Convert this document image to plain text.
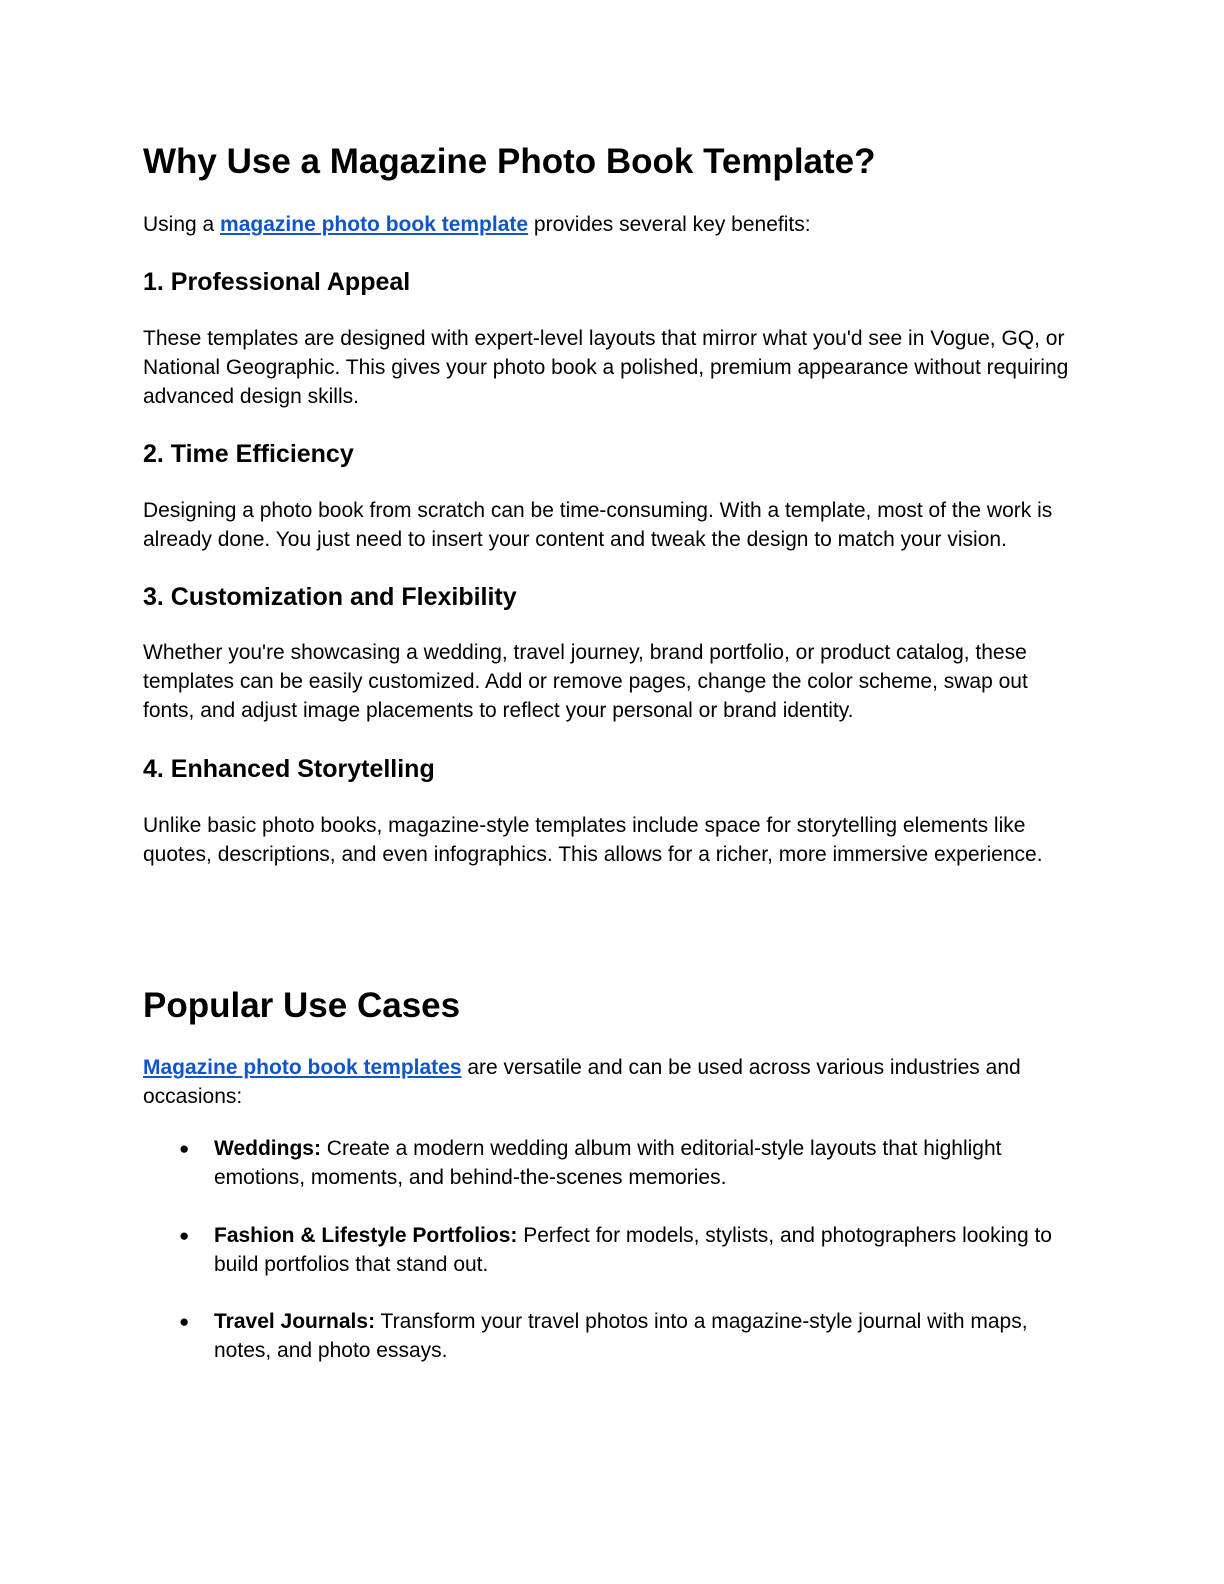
Why Use a Magazine Photo Book Template?

Using a magazine photo book template provides several key benefits:

1. Professional Appeal

These templates are designed with expert-level layouts that mirror what you'd see in Vogue, GQ, or National Geographic. This gives your photo book a polished, premium appearance without requiring advanced design skills.

2. Time Efficiency

Designing a photo book from scratch can be time-consuming. With a template, most of the work is already done. You just need to insert your content and tweak the design to match your vision.

3. Customization and Flexibility

Whether you're showcasing a wedding, travel journey, brand portfolio, or product catalog, these templates can be easily customized. Add or remove pages, change the color scheme, swap out fonts, and adjust image placements to reflect your personal or brand identity.

4. Enhanced Storytelling

Unlike basic photo books, magazine-style templates include space for storytelling elements like quotes, descriptions, and even infographics. This allows for a richer, more immersive experience.

Popular Use Cases

Magazine photo book templates are versatile and can be used across various industries and occasions:

● Weddings: Create a modern wedding album with editorial-style layouts that highlight emotions, moments, and behind-the-scenes memories.
● Fashion & Lifestyle Portfolios: Perfect for models, stylists, and photographers looking to build portfolios that stand out.
● Travel Journals: Transform your travel photos into a magazine-style journal with maps, notes, and photo essays.
